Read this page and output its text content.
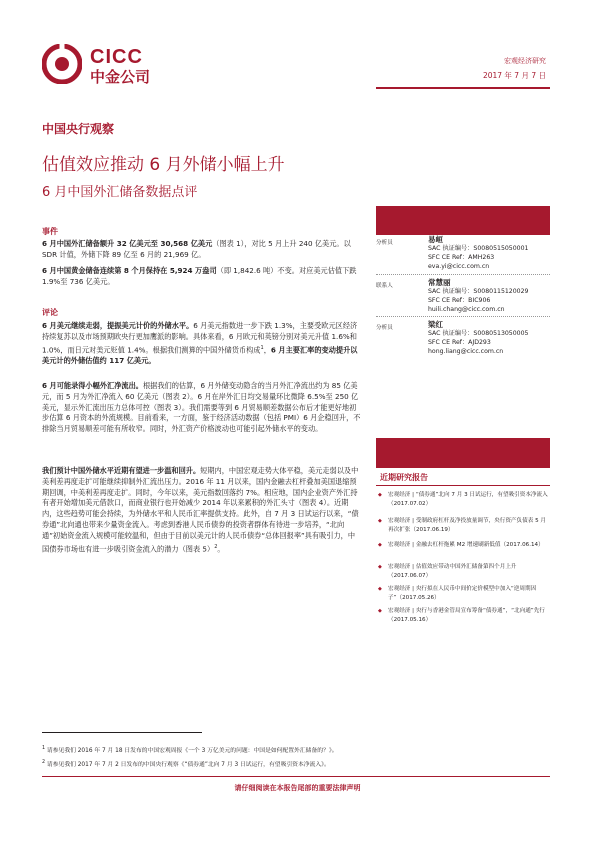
CICC
中金公司
宏观经济研究
2017 年 7 月 7 日
中国央行观察
估值效应推动 6 月外储小幅上升
6 月中国外汇储备数据点评
事件
6 月中国外汇储备额升 32 亿美元至 30,568 亿美元（图表 1），对比 5 月上升 240 亿美元。以 SDR 计值，外储下降 89 亿至 6 月的 21,969 亿。
6 月中国黄金储备连续第 8 个月保持在 5,924 万盎司（即 1,842.6 吨）不变。对应美元估值下跌 1.9%至 736 亿美元。
评论
6 月美元继续走弱，提振美元计价的外储水平。6 月美元指数进一步下跌 1.3%，主要受欧元区经济持续复苏以及市场预期欧央行更加鹰派的影响。具体来看，6 月欧元和英镑分别对美元升值 1.6%和 1.0%，而日元对美元贬值 1.4%。根据我们测算的中国外储货币构成$^1$，6 月主要汇率的变动提升以美元计的外储估值约 117 亿美元。
6 月可能录得小幅外汇净流出。根据我们的估算，6 月外储变动隐含的当月外汇净流出约为 85 亿美元，而 5 月为外汇净流入 60 亿美元（图表 2）。6 月在岸外汇日均交易量环比微降 6.5%至 250 亿美元，显示外汇流出压力总体可控（图表 3）。我们需要等到 6 月贸易顺差数据公布后才能更好地初步估算 6 月资本的外流规模。目前看来，一方面，鉴于经济活动数据（包括 PMI）6 月企稳回升，不排除当月贸易顺差可能有所收窄。同时，外汇资产价格波动也可能引起外储水平的变动。
我们预计中国外储水平近期有望进一步温和回升。短期内，中国宏观走势大体平稳，美元走弱以及中美利差再度走扩可能继续抑制外汇流出压力。2016 年 11 月以来，国内金融去杠杆叠加美国退缩预期回调，中美利差再度走扩。同时，今年以来，美元指数回落约 7%。相应地，国内企业资产外汇持有者开始增加美元借款口，而商业银行也开始减少 2014 年以来累积的外汇头寸（图表 4）。近期内，这些趋势可能会持续，为外储水平和人民币汇率提供支持。此外，自 7 月 3 日试运行以来，“债券通”北向通也带来少量资金流入。考虑到香港人民币债券的投资者群体有待进一步培养，“北向通”初始资金流入规模可能较温和，但由于目前以美元计的人民币债券“总体回报率”具有吸引力，中国债券市场也有进一步吸引资金流入的潜力（图表 5）$^2$。
分析员	易峘
SAC 执证编号：S0080515050001
SFC CE Ref：AMH263
eva.yi@cicc.com.cn
联系人	常慧丽
SAC 执证编号：S0080115120029
SFC CE Ref：BIC906
huili.chang@cicc.com.cn
分析员	梁红
SAC 执证编号：S0080513050005
SFC CE Ref：AJD293
hong.liang@cicc.com.cn
近期研究报告
◆ 宏观经济 | “债券通”北向 7 月 3 日试运行，有望吸引资本净流入（2017.07.02）
◆ 宏观经济 | 受制政府杠杆及净投放量调节，央行资产负债表 5 月再次扩张（2017.06.19）
◆ 宏观经济 | 金融去杠杆拖累 M2 增速刷新低值（2017.06.14）
◆ 宏观经济 | 估值效应带动中国外汇储备第四个月上升（2017.06.07）
◆ 宏观经济 | 央行拟在人民币中间价定价模型中加入“逆周期因子”（2017.05.26）
◆ 宏观经济 | 央行与香港金管局宣布筹备“债券通”，“北向通”先行（2017.05.16）
$^1$ 请参见我们 2016 年 7 月 18 日发布的中国宏观周报《一个 3 万亿美元的问题：中国是如何配置外汇储备的？》。
$^2$ 请参见我们 2017 年 7 月 2 日发布的中国央行观察《“债券通”北向 7 月 3 日试运行，有望吸引资本净流入》。
请仔细阅读在本报告尾部的重要法律声明
